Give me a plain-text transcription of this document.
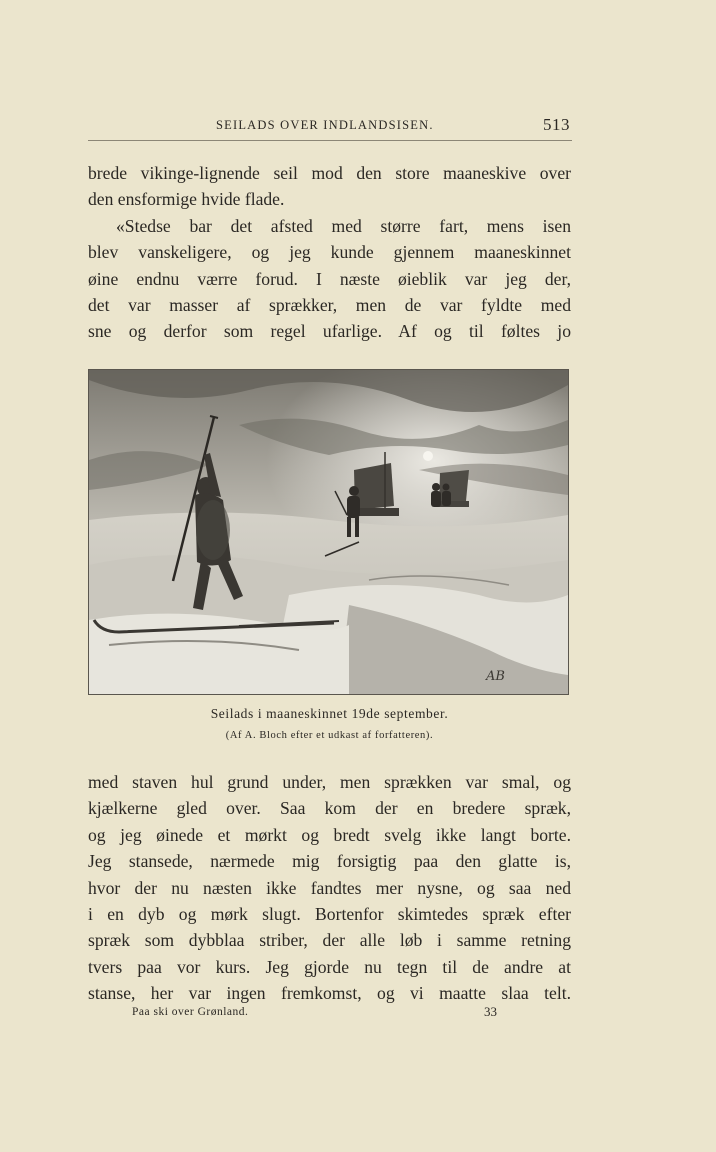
SEILADS OVER INDLANDSISEN.	513

brede vikinge-lignende seil mod den store maaneskive over
den ensformige hvide flade.
«Stedse bar det afsted med større fart, mens isen
blev vanskeligere, og jeg kunde gjennem maaneskinnet
øine endnu værre forud. I næste øieblik var jeg der,
det var masser af sprækker, men de var fyldte med
sne og derfor som regel ufarlige. Af og til føltes jo

AB

Seilads i maaneskinnet 19de september.

(Af A. Bloch efter et udkast af forfatteren).

med staven hul grund under, men sprækken var smal, og
kjælkerne gled over. Saa kom der en bredere spræk,
og jeg øinede et mørkt og bredt svelg ikke langt borte.
Jeg stansede, nærmede mig forsigtig paa den glatte is,
hvor der nu næsten ikke fandtes mer nysne, og saa ned
i en dyb og mørk slugt. Bortenfor skimtedes spræk efter
spræk som dybblaa striber, der alle løb i samme retning
tvers paa vor kurs. Jeg gjorde nu tegn til de andre at
stanse, her var ingen fremkomst, og vi maatte slaa telt.

Paa ski over Grønland.	33
